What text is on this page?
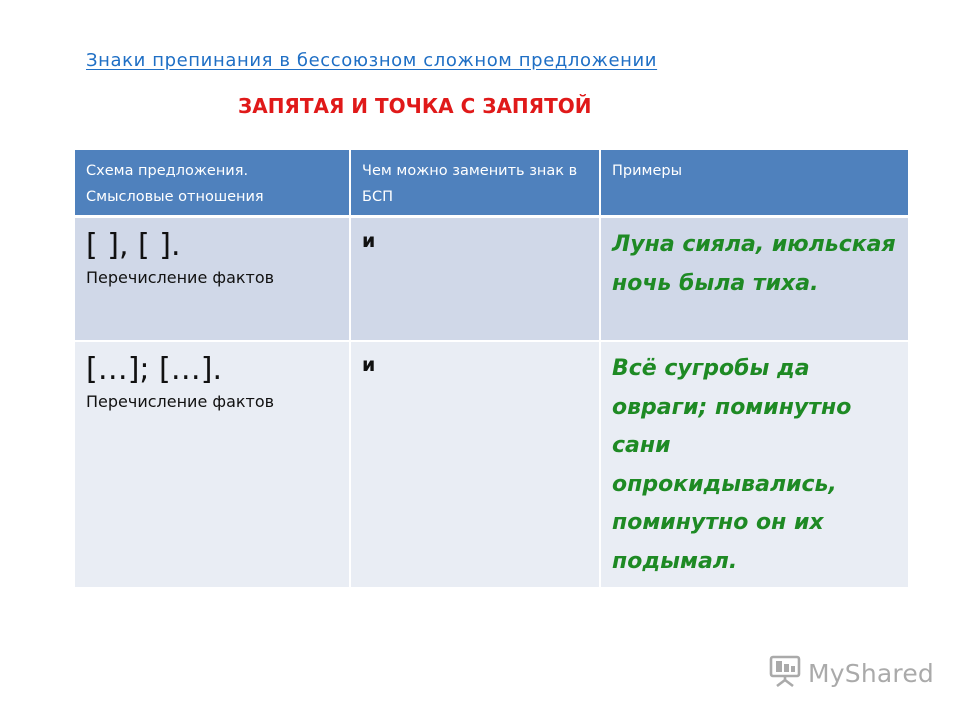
Знаки препинания в бессоюзном сложном предложении
ЗАПЯТАЯ И ТОЧКА С ЗАПЯТОЙ
Схема предложения. Смысловые отношения	Чем можно заменить знак в БСП	Примеры

[ ], [ ].
Перечисление фактов	и	Луна сияла, июльская ночь была тиха.

[…]; […].
Перечисление фактов	и	Всё сугробы да овраги; поминутно сани опрокидывались, поминутно он их подымал.
MyShared
